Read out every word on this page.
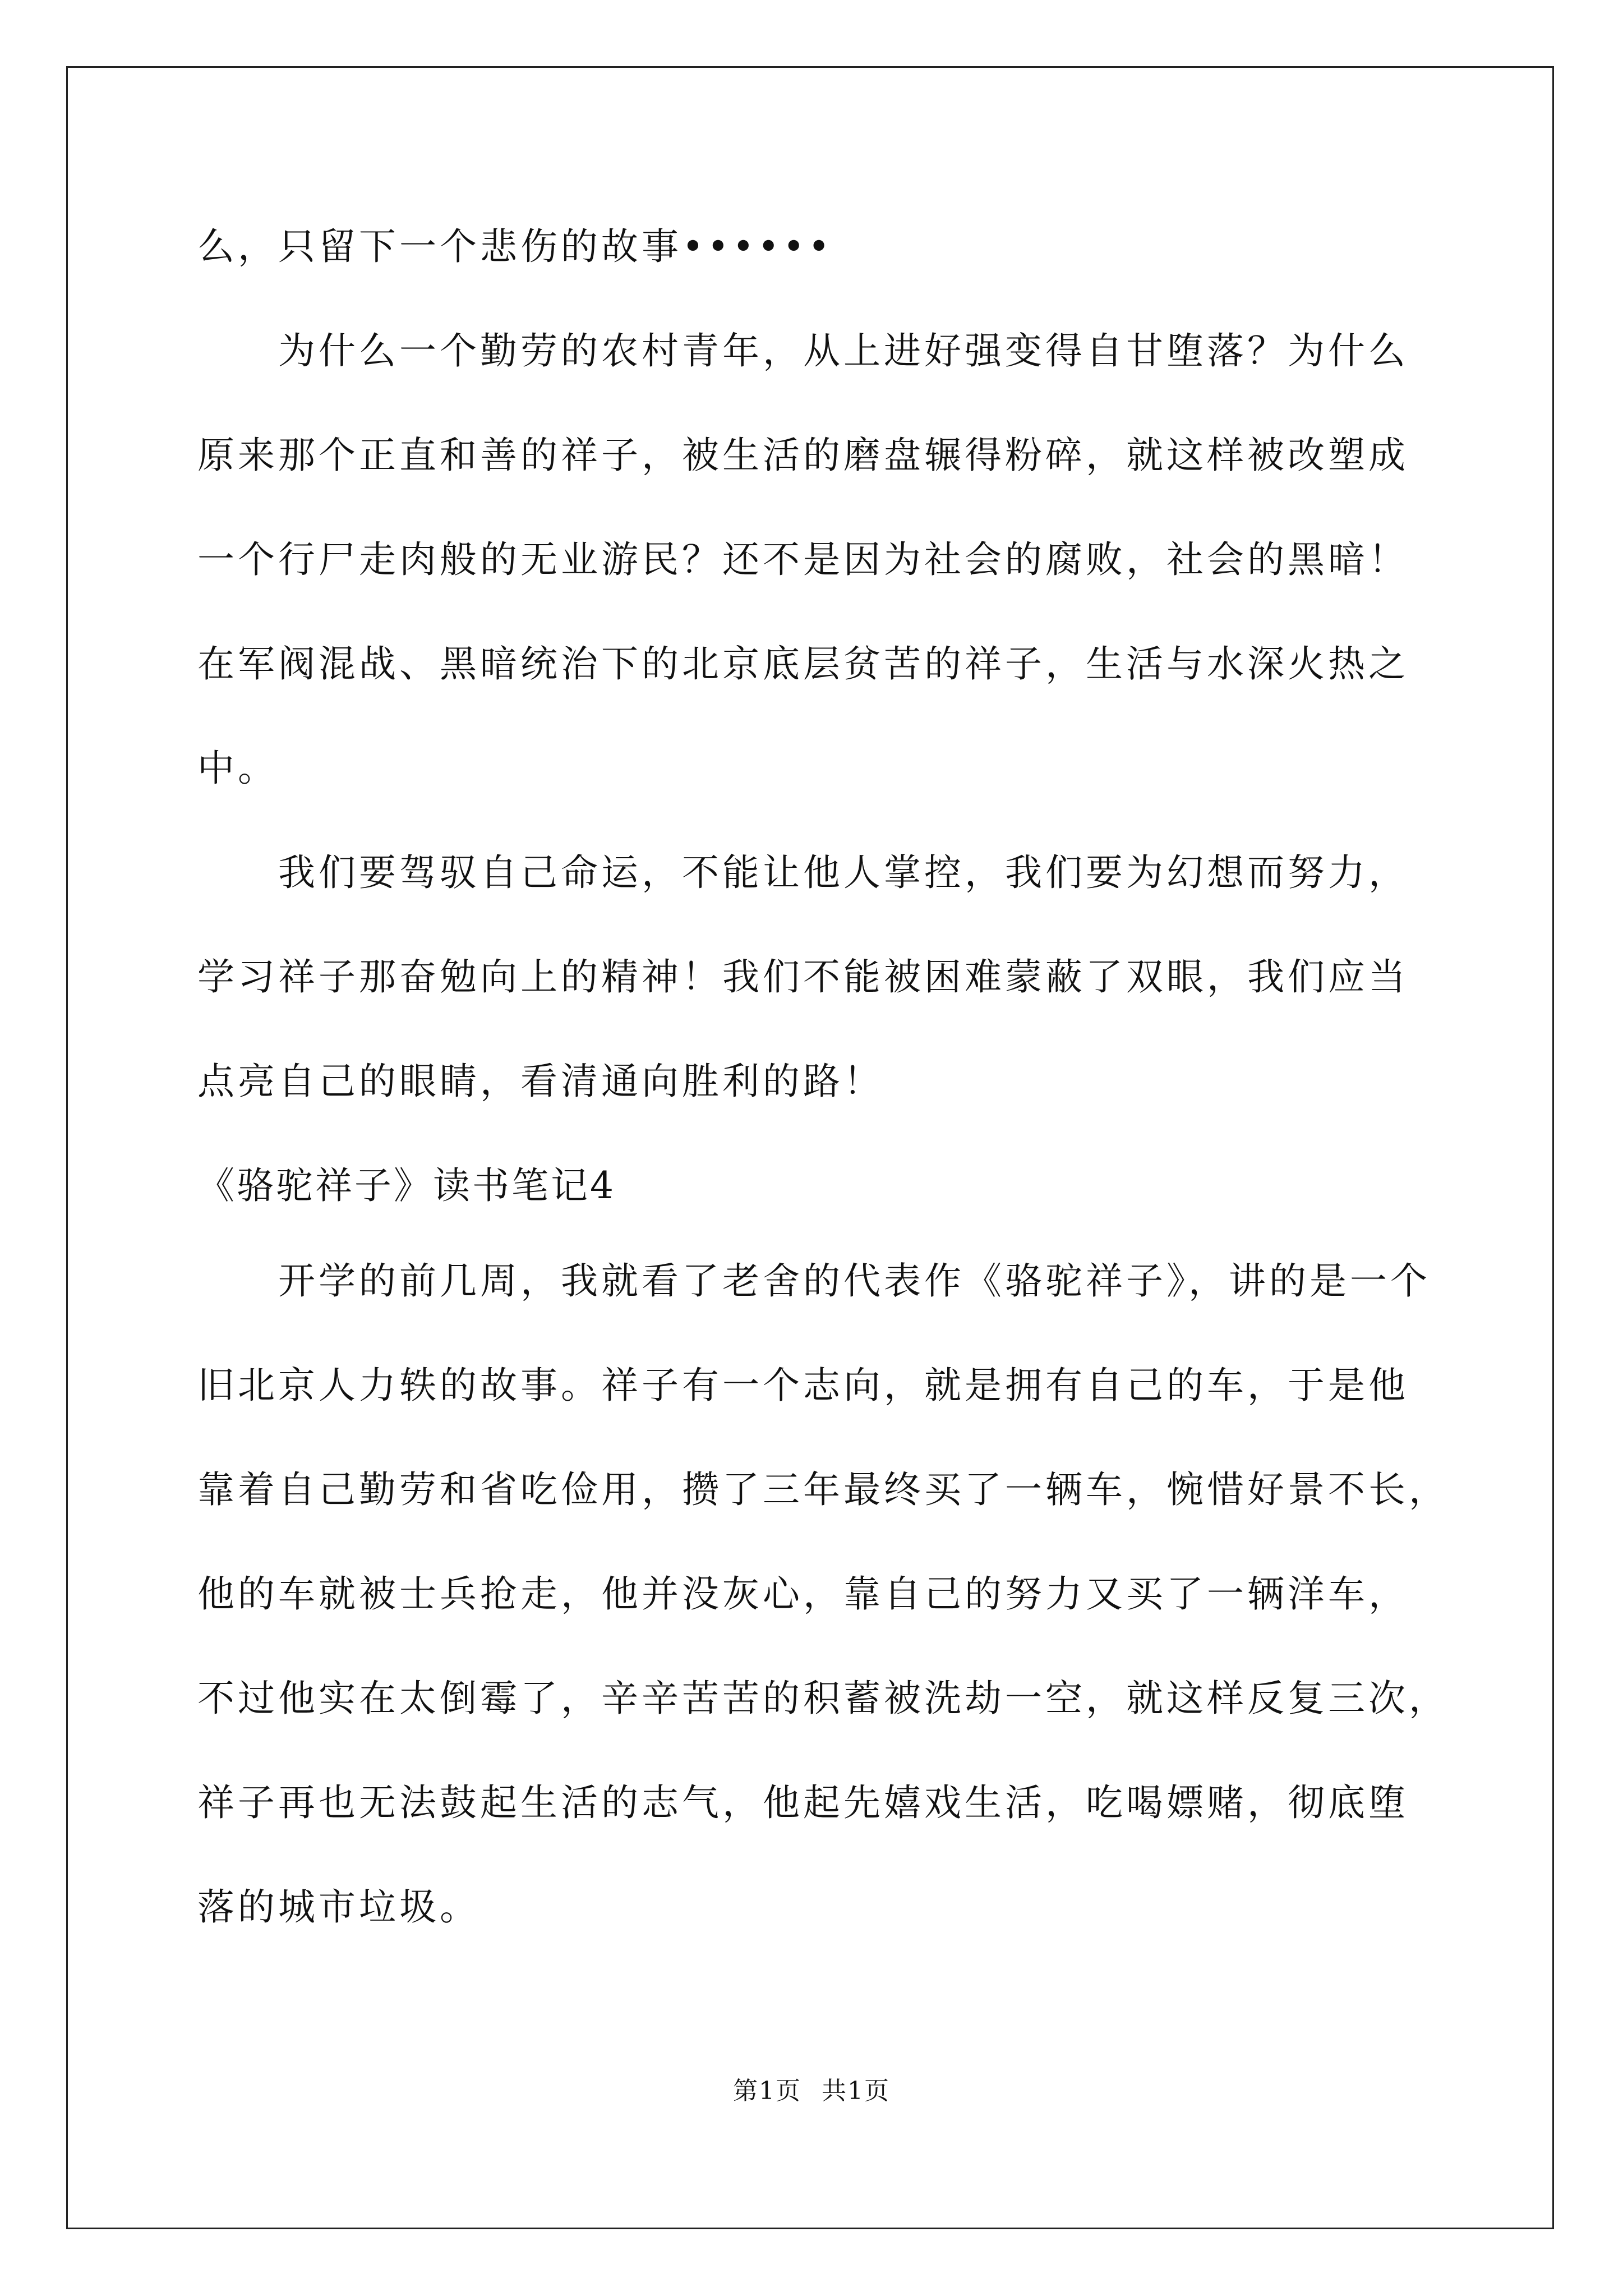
么，只留下一个悲伤的故事••••••
为什么一个勤劳的农村青年，从上进好强变得自甘堕落？为什么
原来那个正直和善的祥子，被生活的磨盘辗得粉碎，就这样被改塑成
一个行尸走肉般的无业游民？还不是因为社会的腐败，社会的黑暗！
在军阀混战、黑暗统治下的北京底层贫苦的祥子，生活与水深火热之
中。
我们要驾驭自己命运，不能让他人掌控，我们要为幻想而努力，
学习祥子那奋勉向上的精神！我们不能被困难蒙蔽了双眼，我们应当
点亮自己的眼睛，看清通向胜利的路！
《骆驼祥子》读书笔记4
开学的前几周，我就看了老舍的代表作《骆驼祥子》，讲的是一个
旧北京人力轶的故事。祥子有一个志向，就是拥有自己的车，于是他
靠着自己勤劳和省吃俭用，攒了三年最终买了一辆车，惋惜好景不长，
他的车就被士兵抢走，他并没灰心，靠自己的努力又买了一辆洋车，
不过他实在太倒霉了，辛辛苦苦的积蓄被洗劫一空，就这样反复三次，
祥子再也无法鼓起生活的志气，他起先嬉戏生活，吃喝嫖赌，彻底堕
落的城市垃圾。
第1页 共1页
